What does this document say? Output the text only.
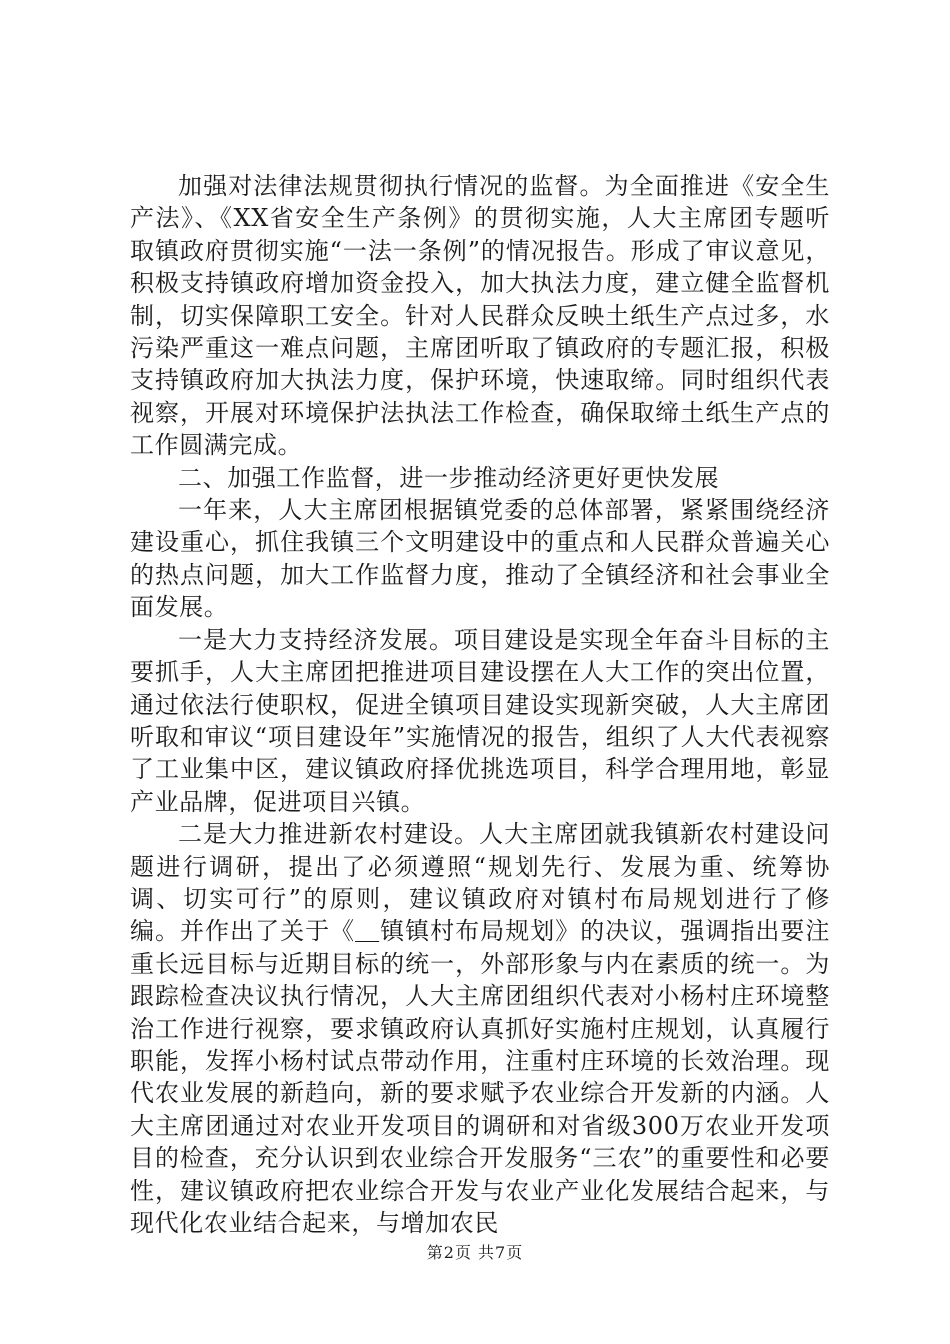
加强对法律法规贯彻执行情况的监督。为全面推进《安全生产法》、《XX省安全生产条例》的贯彻实施，人大主席团专题听取镇政府贯彻实施“一法一条例”的情况报告。形成了审议意见，积极支持镇政府增加资金投入，加大执法力度，建立健全监督机制，切实保障职工安全。针对人民群众反映土纸生产点过多，水污染严重这一难点问题，主席团听取了镇政府的专题汇报，积极支持镇政府加大执法力度，保护环境，快速取缔。同时组织代表视察，开展对环境保护法执法工作检查，确保取缔土纸生产点的工作圆满完成。

二、加强工作监督，进一步推动经济更好更快发展

一年来，人大主席团根据镇党委的总体部署，紧紧围绕经济建设重心，抓住我镇三个文明建设中的重点和人民群众普遍关心的热点问题，加大工作监督力度，推动了全镇经济和社会事业全面发展。

一是大力支持经济发展。项目建设是实现全年奋斗目标的主要抓手，人大主席团把推进项目建设摆在人大工作的突出位置，通过依法行使职权，促进全镇项目建设实现新突破，人大主席团听取和审议“项目建设年”实施情况的报告，组织了人大代表视察了工业集中区，建议镇政府择优挑选项目，科学合理用地，彰显产业品牌，促进项目兴镇。

二是大力推进新农村建设。人大主席团就我镇新农村建设问题进行调研，提出了必须遵照“规划先行、发展为重、统筹协调、切实可行”的原则，建议镇政府对镇村布局规划进行了修编。并作出了关于《＿镇镇村布局规划》的决议，强调指出要注重长远目标与近期目标的统一，外部形象与内在素质的统一。为跟踪检查决议执行情况，人大主席团组织代表对小杨村庄环境整治工作进行视察，要求镇政府认真抓好实施村庄规划，认真履行职能，发挥小杨村试点带动作用，注重村庄环境的长效治理。现代农业发展的新趋向，新的要求赋予农业综合开发新的内涵。人大主席团通过对农业开发项目的调研和对省级300万农业开发项目的检查，充分认识到农业综合开发服务“三农”的重要性和必要性，建议镇政府把农业综合开发与农业产业化发展结合起来，与现代化农业结合起来，与增加农民

第2页 共7页
